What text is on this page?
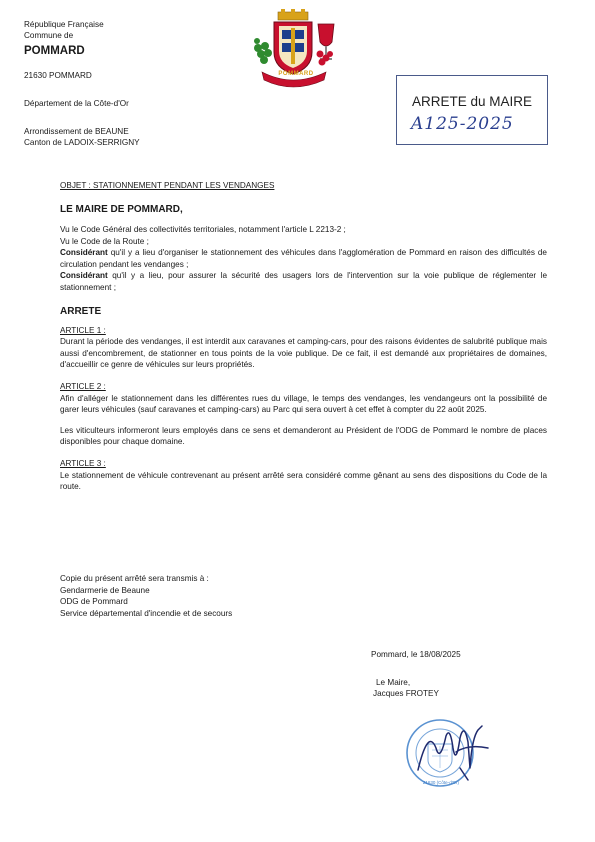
République Française
Commune de
POMMARD
21630 POMMARD
Département de la Côte-d'Or
Arrondissement de BEAUNE
Canton de LADOIX-SERRIGNY
POMMARD
ARRETE du MAIRE
A125-2025
OBJET : STATIONNEMENT PENDANT LES VENDANGES
LE MAIRE DE POMMARD,
Vu le Code Général des collectivités territoriales, notamment l'article L 2213-2 ;
Vu le Code de la Route ;

Considérant qu'il y a lieu d'organiser le stationnement des véhicules dans l'agglomération de Pommard en raison des difficultés de circulation pendant les vendanges ;

Considérant qu'il y a lieu, pour assurer la sécurité des usagers lors de l'intervention sur la voie publique de réglementer le stationnement ;

ARRETE
ARTICLE 1 :

Durant la période des vendanges, il est interdit aux caravanes et camping-cars, pour des raisons évidentes de salubrité publique mais aussi d'encombrement, de stationner en tous points de la voie publique. De ce fait, il est demandé aux propriétaires de domaines, d'accueillir ce genre de véhicules sur leurs propriétés.

ARTICLE 2 :

Afin d'alléger le stationnement dans les différentes rues du village, le temps des vendanges, les vendangeurs ont la possibilité de garer leurs véhicules (sauf caravanes et camping-cars) au Parc qui sera ouvert à cet effet à compter du 22 août 2025.

Les viticulteurs informeront leurs employés dans ce sens et demanderont au Président de l'ODG de Pommard le nombre de places disponibles pour chaque domaine.

ARTICLE 3 :

Le stationnement de véhicule contrevenant au présent arrêté sera considéré comme gênant au sens des dispositions du Code de la route.

Copie du présent arrêté sera transmis à :
Gendarmerie de Beaune
ODG de Pommard
Service départemental d'incendie et de secours
Pommard, le 18/08/2025
Le Maire,
Jacques FROTEY
21630 (Côte-d'Or)
